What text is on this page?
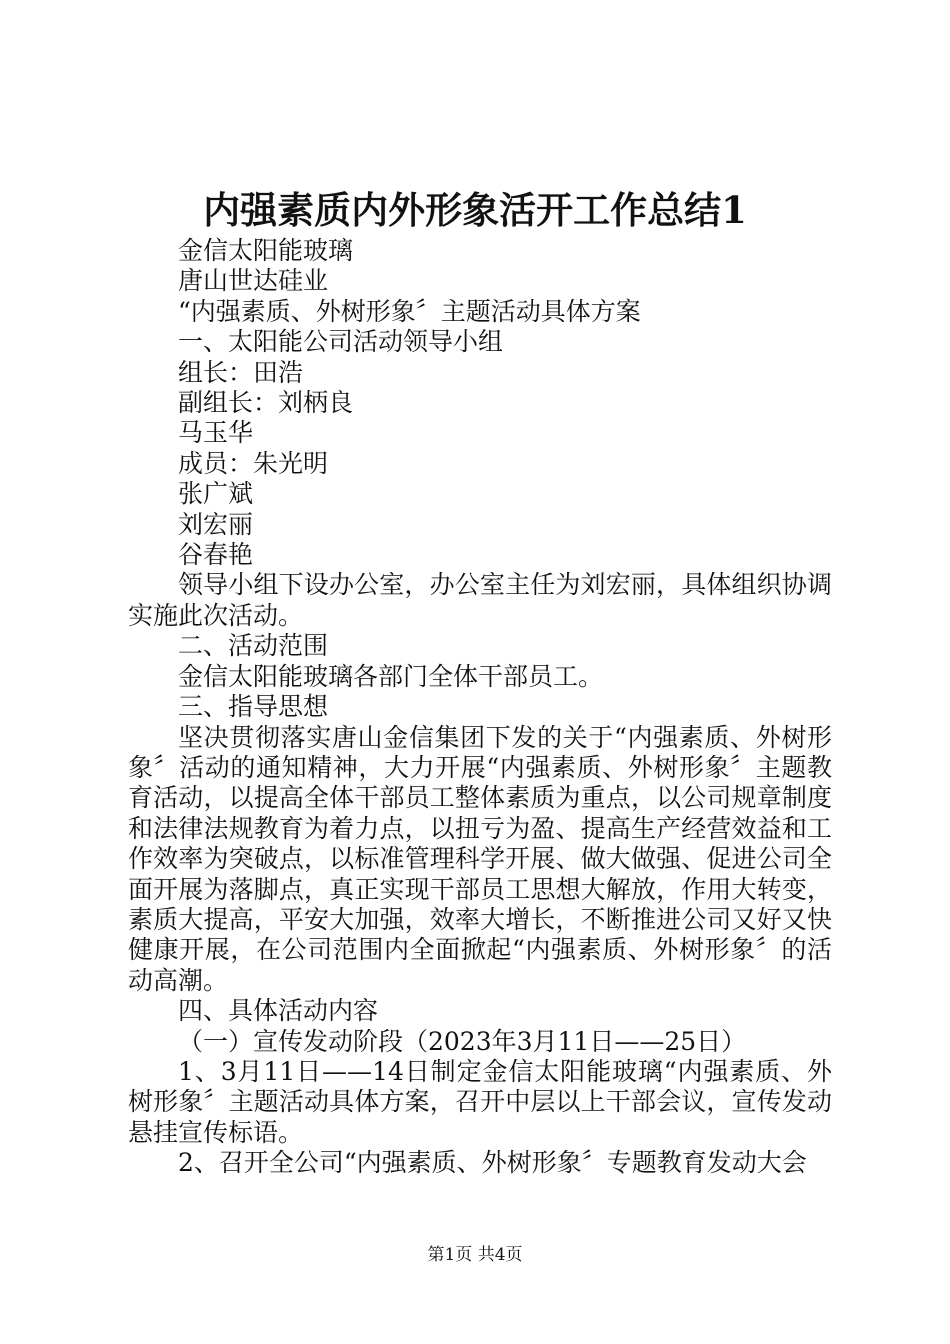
内强素质内外形象活开工作总结1

金信太阳能玻璃

唐山世达硅业

“内强素质、外树形象〞主题活动具体方案

一、太阳能公司活动领导小组

组长：田浩

副组长：刘柄良

马玉华

成员：朱光明

张广斌

刘宏丽

谷春艳

领导小组下设办公室，办公室主任为刘宏丽，具体组织协调实施此次活动。

二、活动范围

金信太阳能玻璃各部门全体干部员工。

三、指导思想

坚决贯彻落实唐山金信集团下发的关于“内强素质、外树形象〞活动的通知精神，大力开展“内强素质、外树形象〞主题教育活动，以提高全体干部员工整体素质为重点，以公司规章制度和法律法规教育为着力点，以扭亏为盈、提高生产经营效益和工作效率为突破点，以标准管理科学开展、做大做强、促进公司全面开展为落脚点，真正实现干部员工思想大解放，作用大转变，素质大提高，平安大加强，效率大增长，不断推进公司又好又快健康开展，在公司范围内全面掀起“内强素质、外树形象〞的活动高潮。

四、具体活动内容

（一）宣传发动阶段（2023年3月11日——25日）

1、3月11日——14日制定金信太阳能玻璃“内强素质、外树形象〞主题活动具体方案，召开中层以上干部会议，宣传发动悬挂宣传标语。

2、召开全公司“内强素质、外树形象〞专题教育发动大会

第1页 共4页
